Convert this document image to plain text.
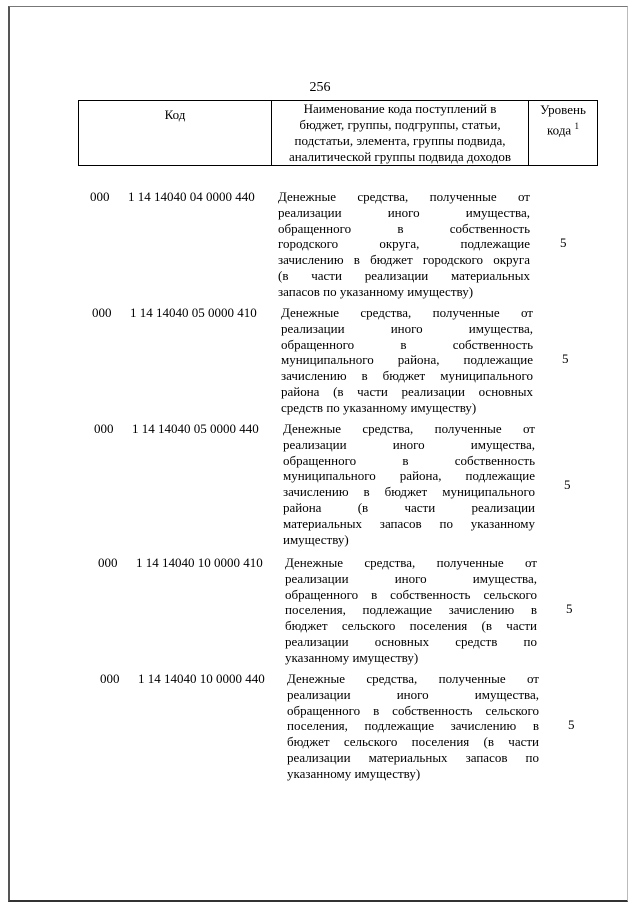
256
Код	Наименование кода поступлений в
бюджет, группы, подгруппы, статьи,
подстатьи, элемента, группы подвида,
аналитической группы подвида доходов
Уровень
кода $^1$
000 1 14 14040 04 0000 440 Денежные средства, полученные от
реализации иного имущества,
обращенного в собственность
городского округа, подлежащие
зачислению в бюджет городского округа
(в части реализации материальных
запасов по указанному имуществу)
5
000 1 14 14040 05 0000 410 Денежные средства, полученные от
реализации иного имущества,
обращенного в собственность
муниципального района, подлежащие
зачислению в бюджет муниципального
района (в части реализации основных
средств по указанному имуществу)
5
000 1 14 14040 05 0000 440 Денежные средства, полученные от
реализации иного имущества,
обращенного в собственность
муниципального района, подлежащие
зачислению в бюджет муниципального
района (в части реализации
материальных запасов по указанному
имуществу)
5
000 1 14 14040 10 0000 410 Денежные средства, полученные от
реализации иного имущества,
обращенного в собственность сельского
поселения, подлежащие зачислению в
бюджет сельского поселения (в части
реализации основных средств по
указанному имуществу)
5
000 1 14 14040 10 0000 440 Денежные средства, полученные от
реализации иного имущества,
обращенного в собственность сельского
поселения, подлежащие зачислению в
бюджет сельского поселения (в части
реализации материальных запасов по
указанному имуществу)
5
